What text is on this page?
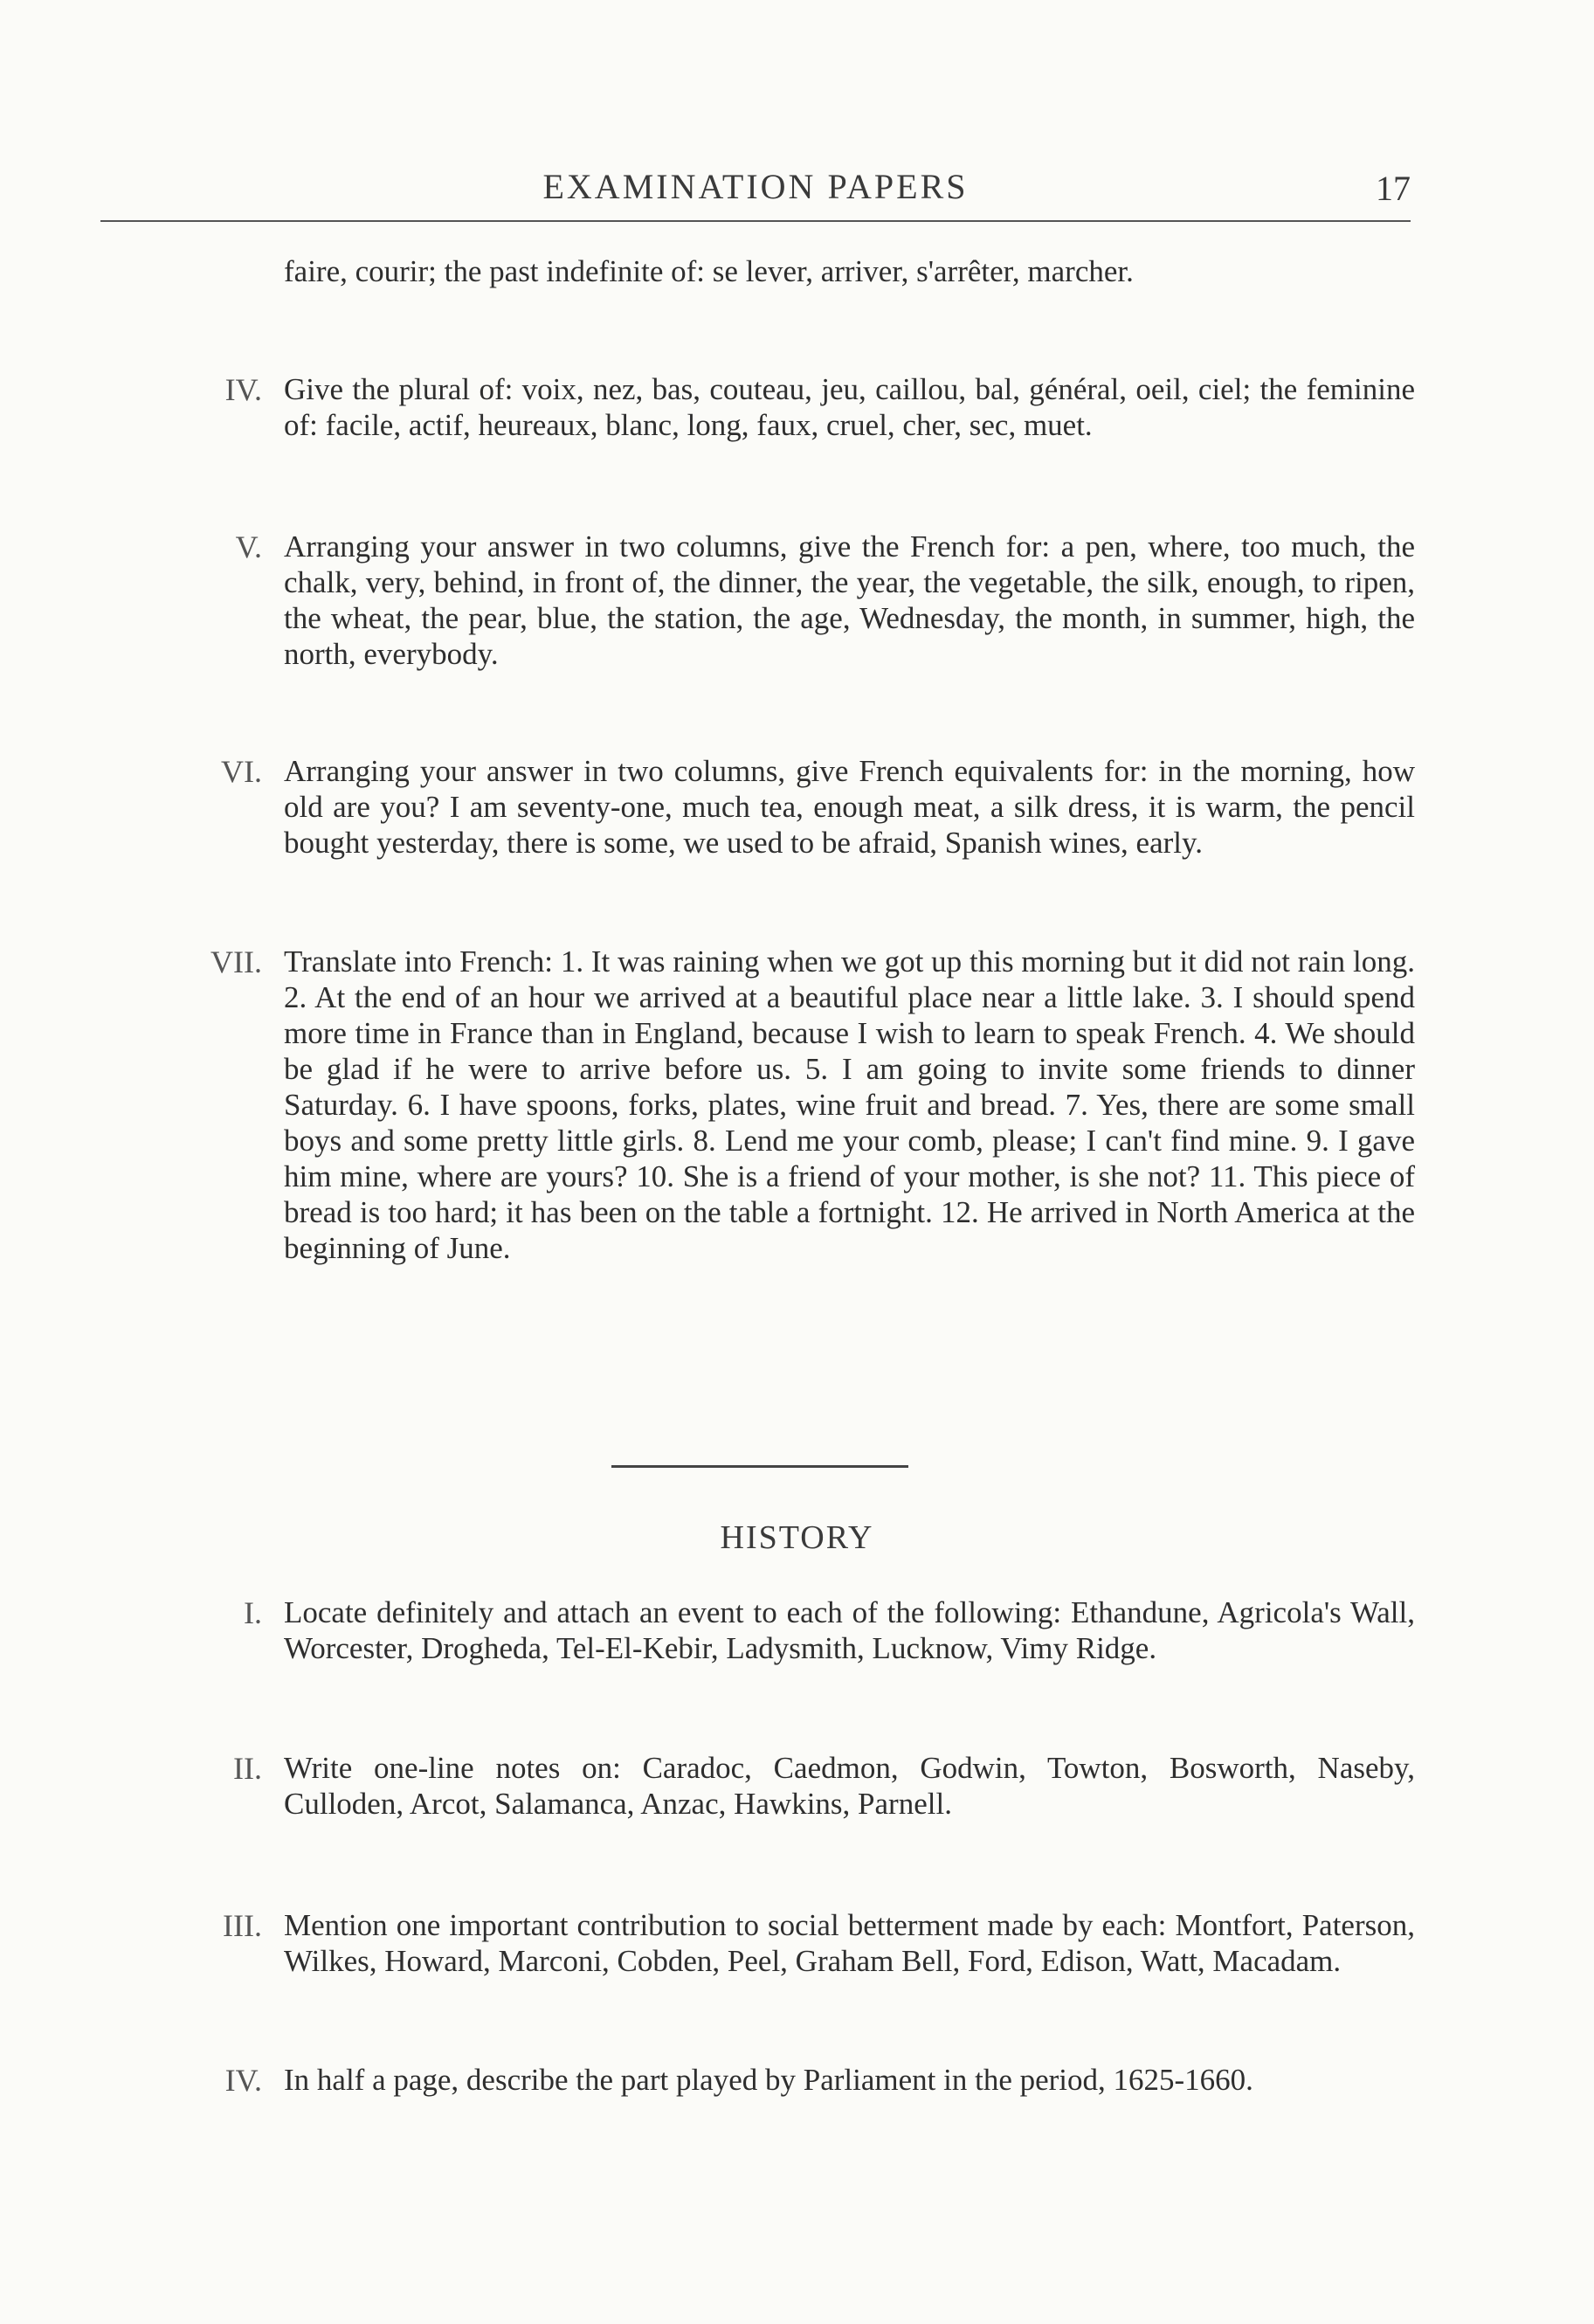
EXAMINATION PAPERS	17
faire, courir; the past indefinite of: se lever, arriver, s'arrêter, marcher.
IV. Give the plural of: voix, nez, bas, couteau, jeu, caillou, bal, général, oeil, ciel; the feminine of: facile, actif, heureaux, blanc, long, faux, cruel, cher, sec, muet.
V. Arranging your answer in two columns, give the French for: a pen, where, too much, the chalk, very, behind, in front of, the dinner, the year, the vegetable, the silk, enough, to ripen, the wheat, the pear, blue, the station, the age, Wednesday, the month, in summer, high, the north, everybody.
VI. Arranging your answer in two columns, give French equivalents for: in the morning, how old are you? I am seventy-one, much tea, enough meat, a silk dress, it is warm, the pencil bought yesterday, there is some, we used to be afraid, Spanish wines, early.
VII. Translate into French: 1. It was raining when we got up this morning but it did not rain long. 2. At the end of an hour we arrived at a beautiful place near a little lake. 3. I should spend more time in France than in England, because I wish to learn to speak French. 4. We should be glad if he were to arrive before us. 5. I am going to invite some friends to dinner Saturday. 6. I have spoons, forks, plates, wine fruit and bread. 7. Yes, there are some small boys and some pretty little girls. 8. Lend me your comb, please; I can't find mine. 9. I gave him mine, where are yours? 10. She is a friend of your mother, is she not? 11. This piece of bread is too hard; it has been on the table a fortnight. 12. He arrived in North America at the beginning of June.
HISTORY
I. Locate definitely and attach an event to each of the following: Ethandune, Agricola's Wall, Worcester, Drogheda, Tel-El-Kebir, Ladysmith, Lucknow, Vimy Ridge.
II. Write one-line notes on: Caradoc, Caedmon, Godwin, Towton, Bosworth, Naseby, Culloden, Arcot, Salamanca, Anzac, Hawkins, Parnell.
III. Mention one important contribution to social betterment made by each: Montfort, Paterson, Wilkes, Howard, Marconi, Cobden, Peel, Graham Bell, Ford, Edison, Watt, Macadam.
IV. In half a page, describe the part played by Parliament in the period, 1625-1660.
